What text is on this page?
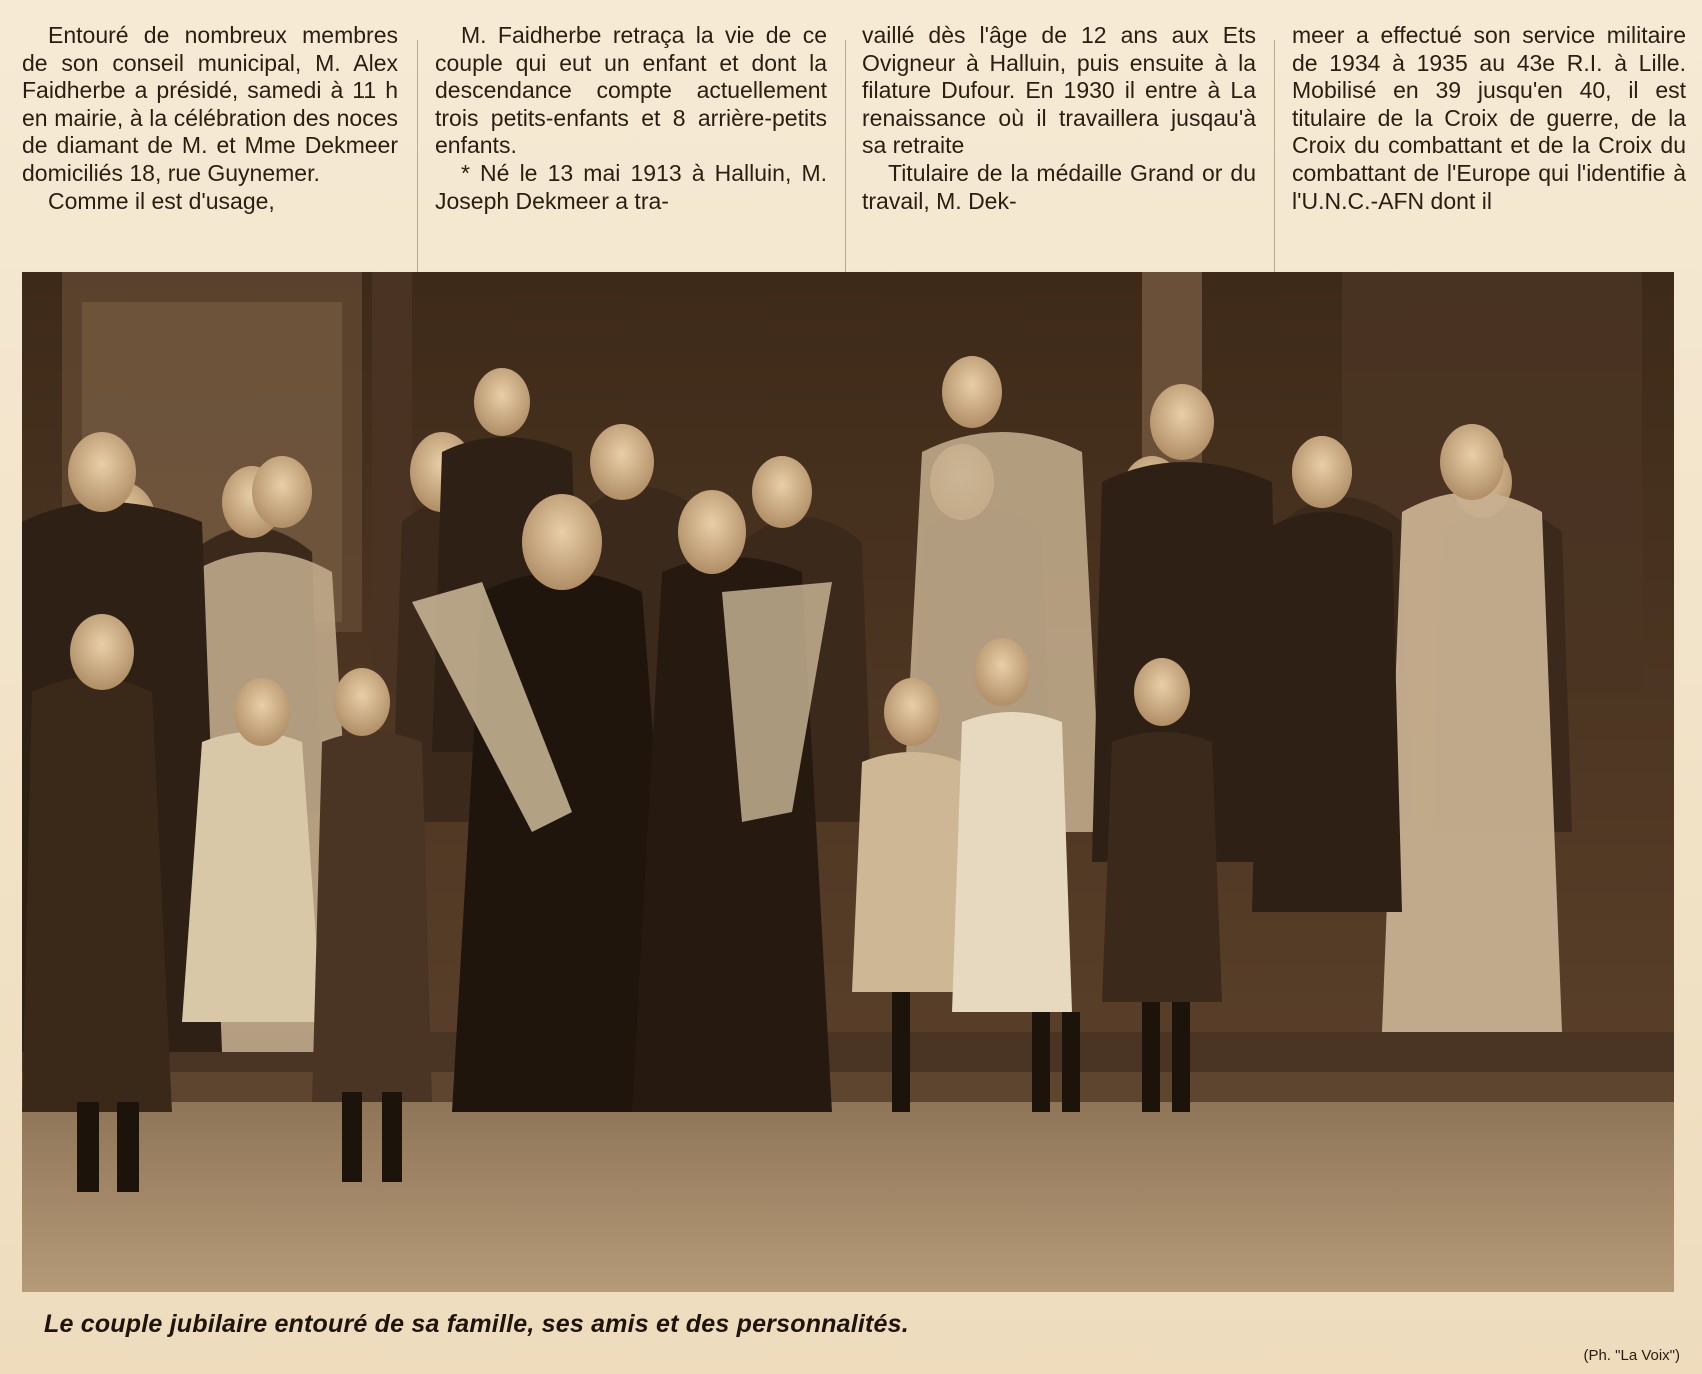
Entouré de nombreux membres de son conseil municipal, M. Alex Faidherbe a présidé, samedi à 11 h en mairie, à la célébration des noces de diamant de M. et Mme Dekmeer domiciliés 18, rue Guynemer.

Comme il est d'usage,

M. Faidherbe retraça la vie de ce couple qui eut un enfant et dont la descendance compte actuellement trois petits-enfants et 8 arrière-petits enfants.

* Né le 13 mai 1913 à Halluin, M. Joseph Dekmeer a tra-

vaillé dès l'âge de 12 ans aux Ets Ovigneur à Halluin, puis ensuite à la filature Dufour. En 1930 il entre à La renaissance où il travaillera jusqau'à sa retraite

Titulaire de la médaille Grand or du travail, M. Dek-

meer a effectué son service militaire de 1934 à 1935 au 43e R.I. à Lille. Mobilisé en 39 jusqu'en 40, il est titulaire de la Croix de guerre, de la Croix du combattant et de la Croix du combattant de l'Europe qui l'identifie à l'U.N.C.-AFN dont il

Le couple jubilaire entouré de sa famille, ses amis et des personnalités.
(Ph. "La Voix")
